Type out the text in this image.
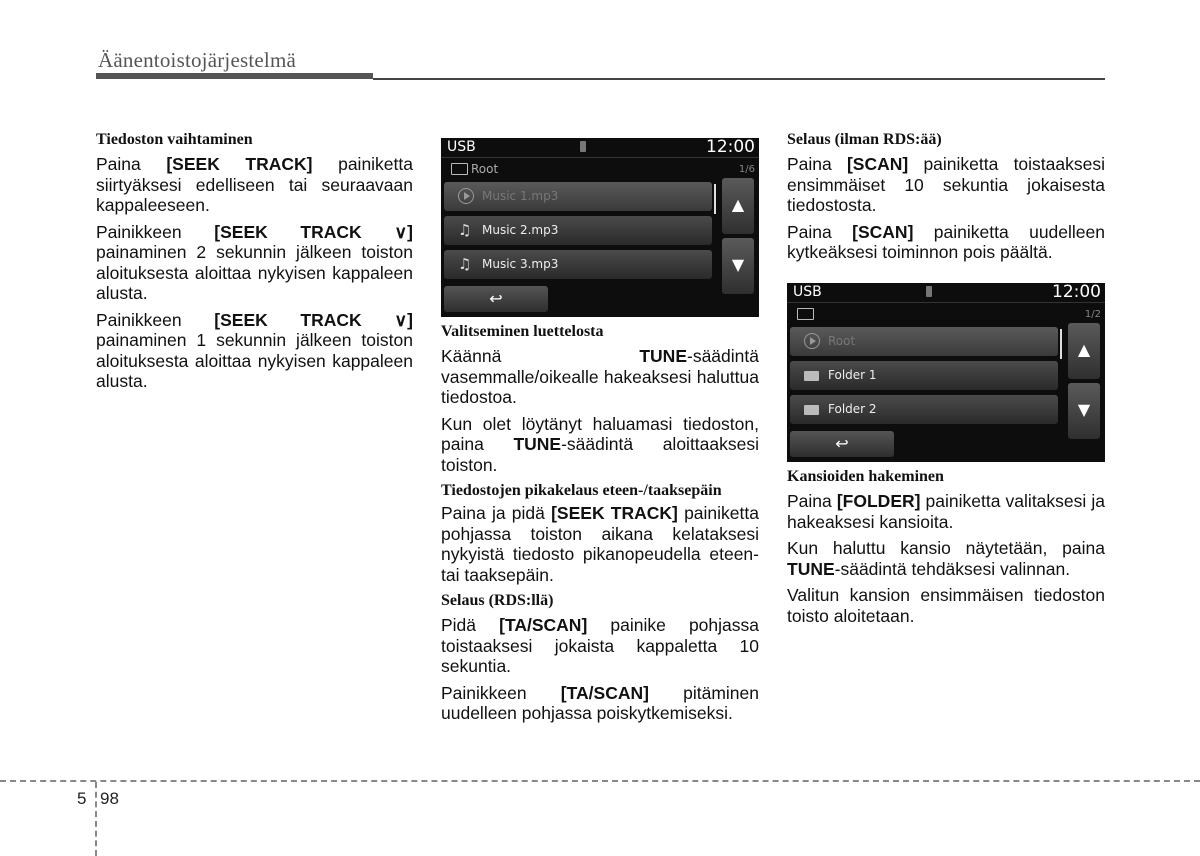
Äänentoistojärjestelmä

Tiedoston vaihtaminen

Paina [SEEK TRACK] painiketta siirtyäksesi edelliseen tai seuraavaan kappaleeseen.

Painikkeen [SEEK TRACK ∨] painaminen 2 sekunnin jälkeen toiston aloituksesta aloittaa nykyisen kappaleen alusta.

Painikkeen [SEEK TRACK ∨] painaminen 1 sekunnin jälkeen toiston aloituksesta aloittaa nykyisen kappaleen alusta.

USB	12:00
Root	1/6
Music 1.mp3
♫ Music 2.mp3
♫ Music 3.mp3
▲
▼
↩

Valitseminen luettelosta

Käännä TUNE-säädintä vasemmalle/oikealle hakeaksesi haluttua tiedostoa.

Kun olet löytänyt haluamasi tiedoston, paina TUNE-säädintä aloittaaksesi toiston.

Tiedostojen pikakelaus eteen-/taaksepäin

Paina ja pidä [SEEK TRACK] painiketta pohjassa toiston aikana kelataksesi nykyistä tiedosto pikanopeudella eteen- tai taaksepäin.

Selaus (RDS:llä)

Pidä [TA/SCAN] painike pohjassa toistaaksesi jokaista kappaletta 10 sekuntia.

Painikkeen [TA/SCAN] pitäminen uudelleen pohjassa poiskytkemiseksi.

Selaus (ilman RDS:ää)

Paina [SCAN] painiketta toistaaksesi ensimmäiset 10 sekuntia jokaisesta tiedostosta.

Paina [SCAN] painiketta uudelleen kytkeäksesi toiminnon pois päältä.

USB	12:00
1/2
Root
Folder 1
Folder 2
▲
▼
↩

Kansioiden hakeminen

Paina [FOLDER] painiketta valitaksesi ja hakeaksesi kansioita.

Kun haluttu kansio näytetään, paina TUNE-säädintä tehdäksesi valinnan.

Valitun kansion ensimmäisen tiedoston toisto aloitetaan.

5 98
